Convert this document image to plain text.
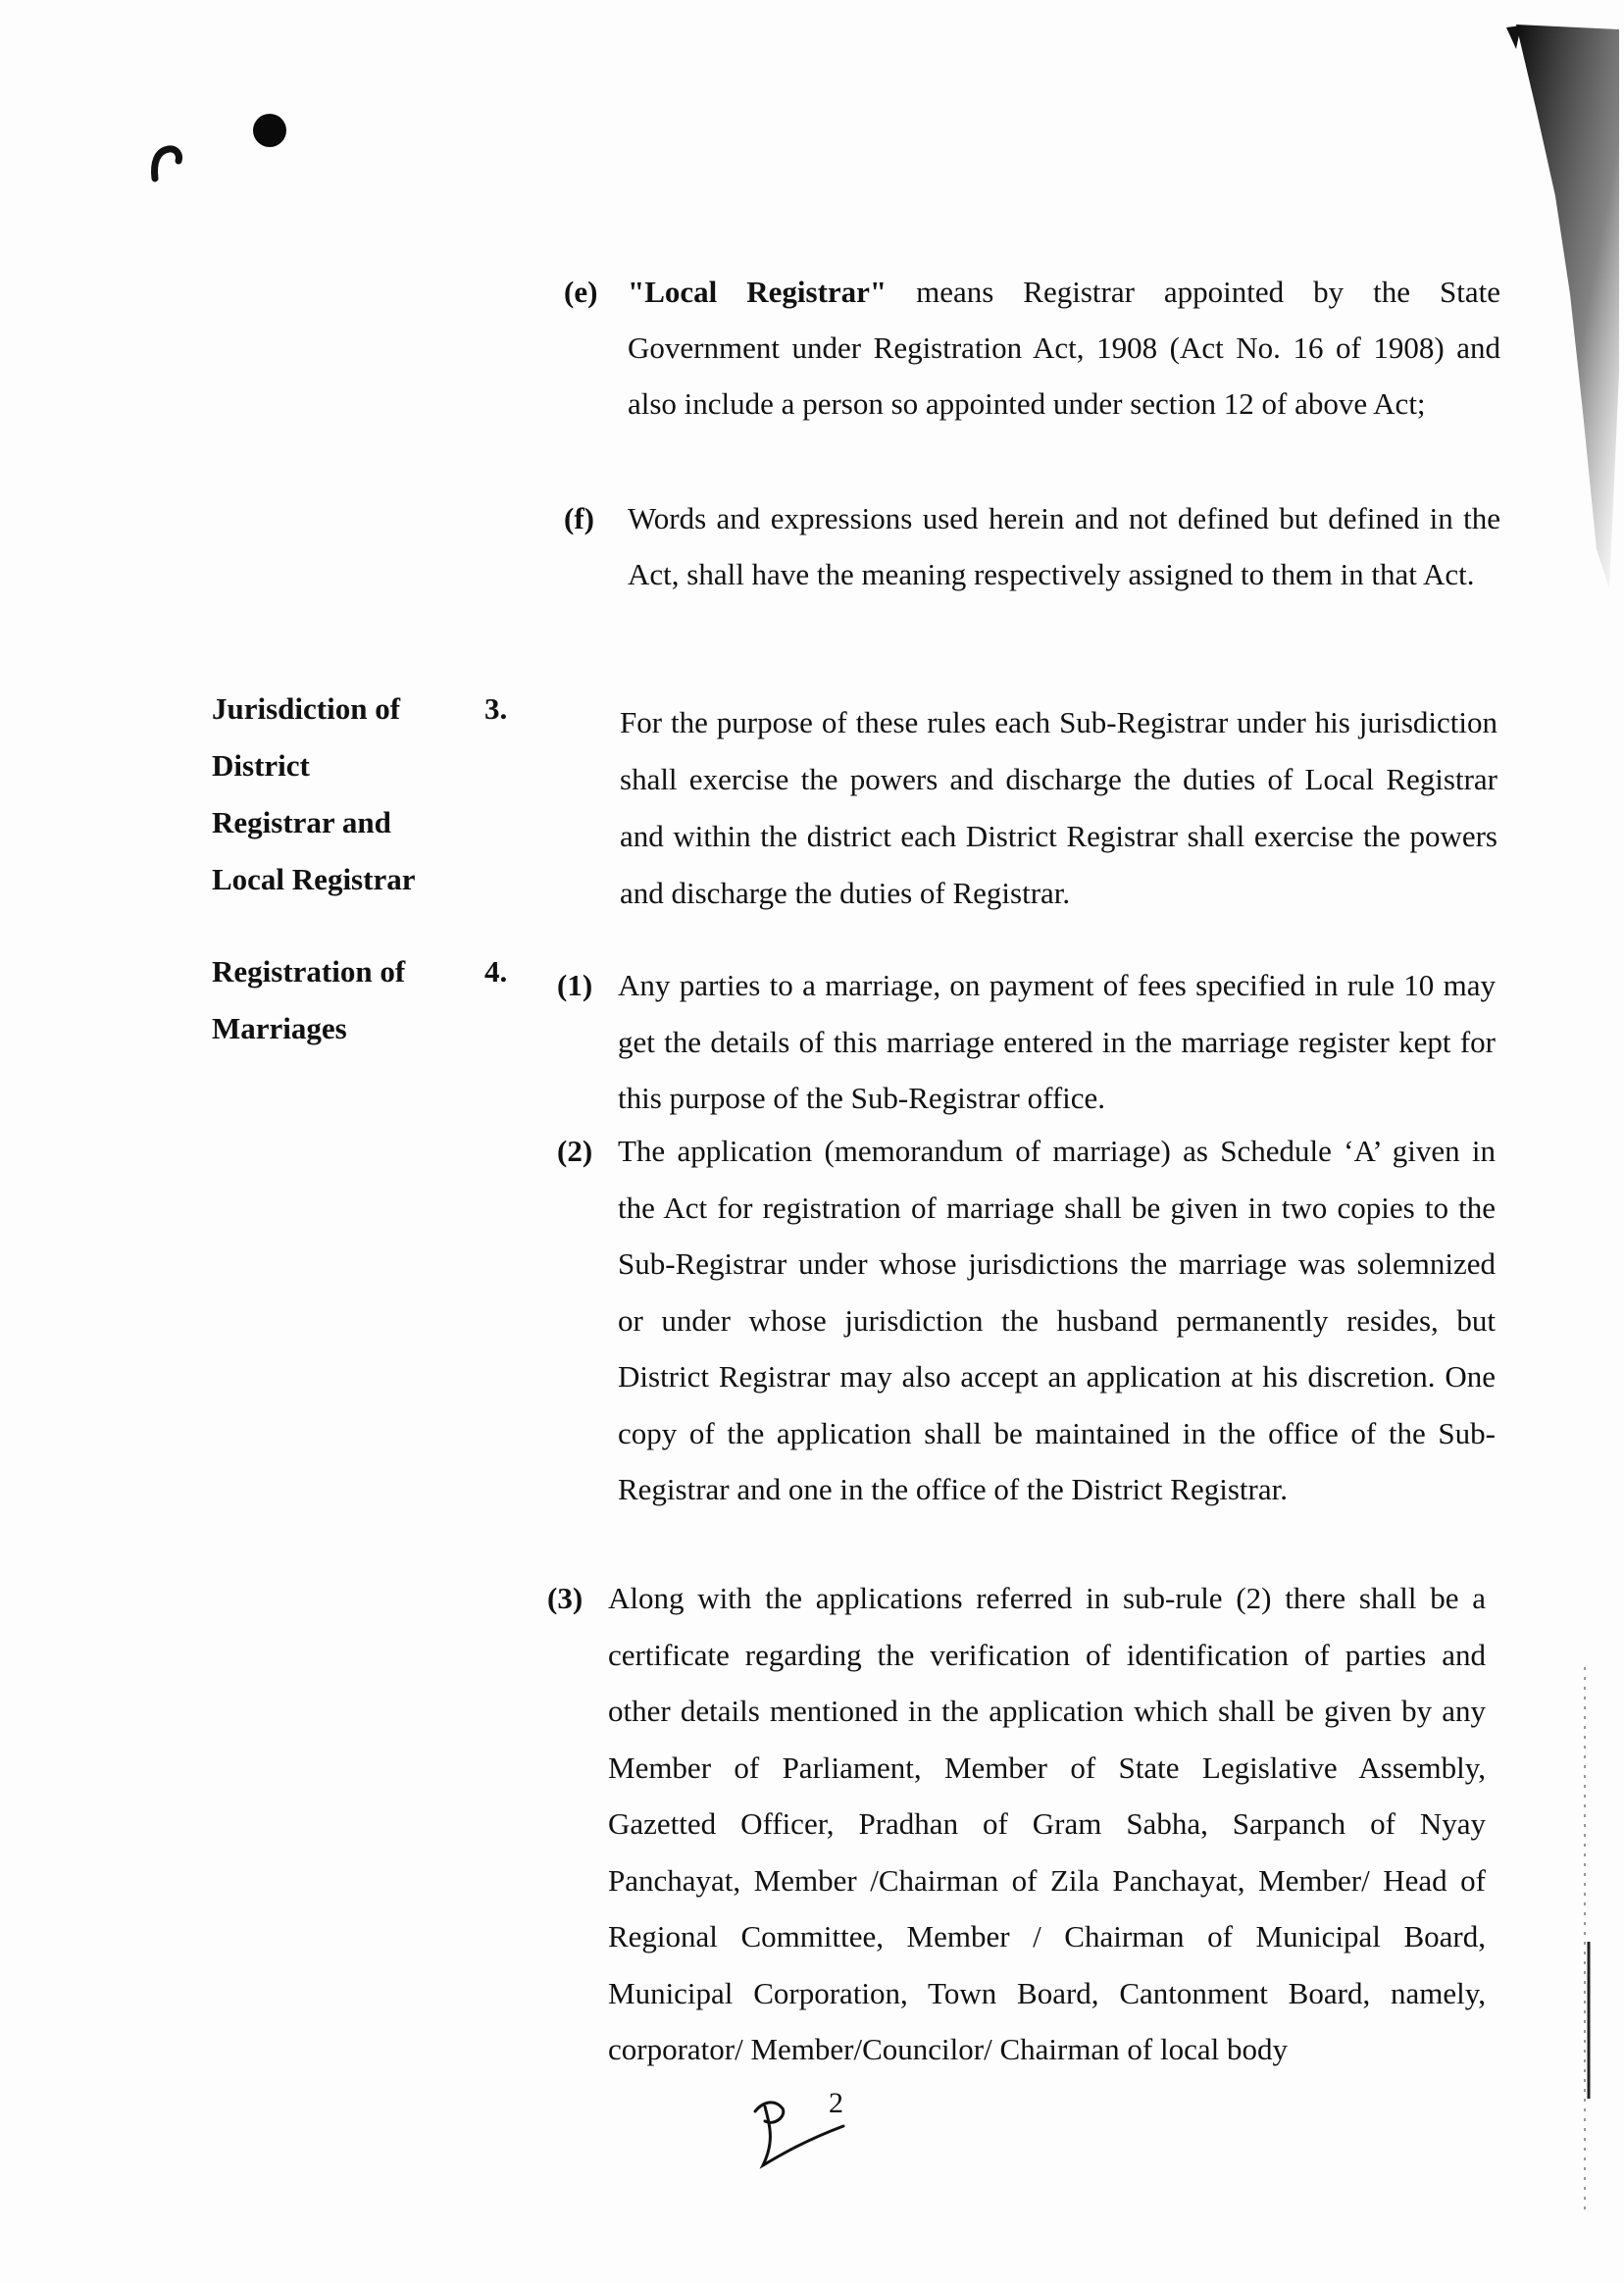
(e) "Local Registrar" means Registrar appointed by the State Government under Registration Act, 1908 (Act No. 16 of 1908) and also include a person so appointed under section 12 of above Act;
(f) Words and expressions used herein and not defined but defined in the Act, shall have the meaning respectively assigned to them in that Act.
Jurisdiction of
District
Registrar and
Local Registrar
3.	For the purpose of these rules each Sub-Registrar under his jurisdiction shall exercise the powers and discharge the duties of Local Registrar and within the district each District Registrar shall exercise the powers and discharge the duties of Registrar.
Registration of
Marriages
4. (1) Any parties to a marriage, on payment of fees specified in rule 10 may get the details of this marriage entered in the marriage register kept for this purpose of the Sub-Registrar office.
(2) The application (memorandum of marriage) as Schedule ‘A’ given in the Act for registration of marriage shall be given in two copies to the Sub-Registrar under whose jurisdictions the marriage was solemnized or under whose jurisdiction the husband permanently resides, but District Registrar may also accept an application at his discretion. One copy of the application shall be maintained in the office of the Sub-Registrar and one in the office of the District Registrar.
(3) Along with the applications referred in sub-rule (2) there shall be a certificate regarding the verification of identification of parties and other details mentioned in the application which shall be given by any Member of Parliament, Member of State Legislative Assembly, Gazetted Officer, Pradhan of Gram Sabha, Sarpanch of Nyay Panchayat, Member /Chairman of Zila Panchayat, Member/ Head of Regional Committee, Member / Chairman of Municipal Board, Municipal Corporation, Town Board, Cantonment Board, namely, corporator/ Member/Councilor/ Chairman of local body
2
